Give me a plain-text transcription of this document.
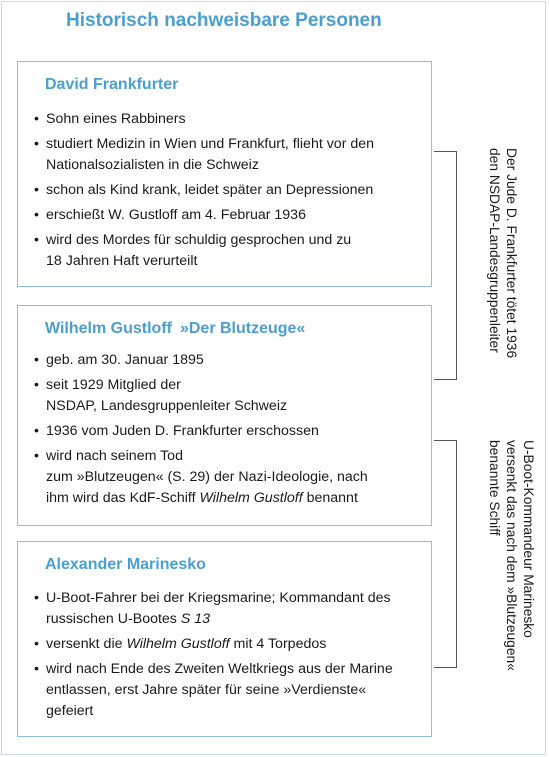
Historisch nachweisbare Personen
David Frankfurter
• Sohn eines Rabbiners
• studiert Medizin in Wien und Frankfurt, flieht vor den
Nationalsozialisten in die Schweiz
• schon als Kind krank, leidet später an Depressionen
• erschießt W. Gustloff am 4. Februar 1936
• wird des Mordes für schuldig gesprochen und zu
18 Jahren Haft verurteilt
Wilhelm Gustloff »Der Blutzeuge«
• geb. am 30. Januar 1895
• seit 1929 Mitglied der
NSDAP, Landesgruppenleiter Schweiz
• 1936 vom Juden D. Frankfurter erschossen
• wird nach seinem Tod
zum »Blutzeugen« (S. 29) der Nazi-Ideologie, nach
ihm wird das KdF-Schiff Wilhelm Gustloff benannt
Alexander Marinesko
• U-Boot-Fahrer bei der Kriegsmarine; Kommandant des
russischen U-Bootes S 13
• versenkt die Wilhelm Gustloff mit 4 Torpedos
• wird nach Ende des Zweiten Weltkriegs aus der Marine
entlassen, erst Jahre später für seine »Verdienste«
gefeiert
Der Jude D. Frankfurter tötet 1936
den NSDAP-Landesgruppenleiter
U-Boot-Kommandeur Marinesko
versenkt das nach dem »Blutzeugen«
benannte Schiff
